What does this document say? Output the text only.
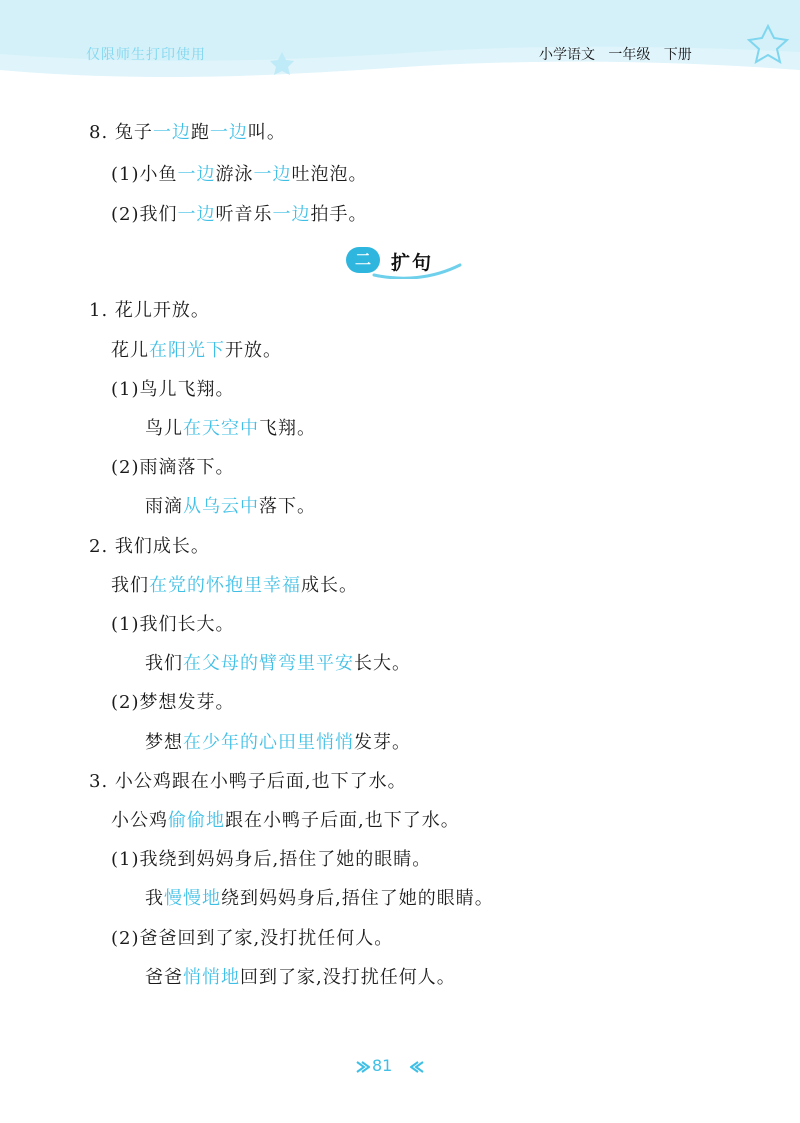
仅限师生打印使用	小学语文   一年级   下册
8. 兔子一边跑一边叫。
(1)小鱼一边游泳一边吐泡泡。
(2)我们一边听音乐一边拍手。
二	扩句
1. 花儿开放。
花儿在阳光下开放。
(1)鸟儿飞翔。
鸟儿在天空中飞翔。
(2)雨滴落下。
雨滴从乌云中落下。
2. 我们成长。
我们在党的怀抱里幸福成长。
(1)我们长大。
我们在父母的臂弯里平安长大。
(2)梦想发芽。
梦想在少年的心田里悄悄发芽。
3. 小公鸡跟在小鸭子后面,也下了水。
小公鸡偷偷地跟在小鸭子后面,也下了水。
(1)我绕到妈妈身后,捂住了她的眼睛。
我慢慢地绕到妈妈身后,捂住了她的眼睛。
(2)爸爸回到了家,没打扰任何人。
爸爸悄悄地回到了家,没打扰任何人。
81
